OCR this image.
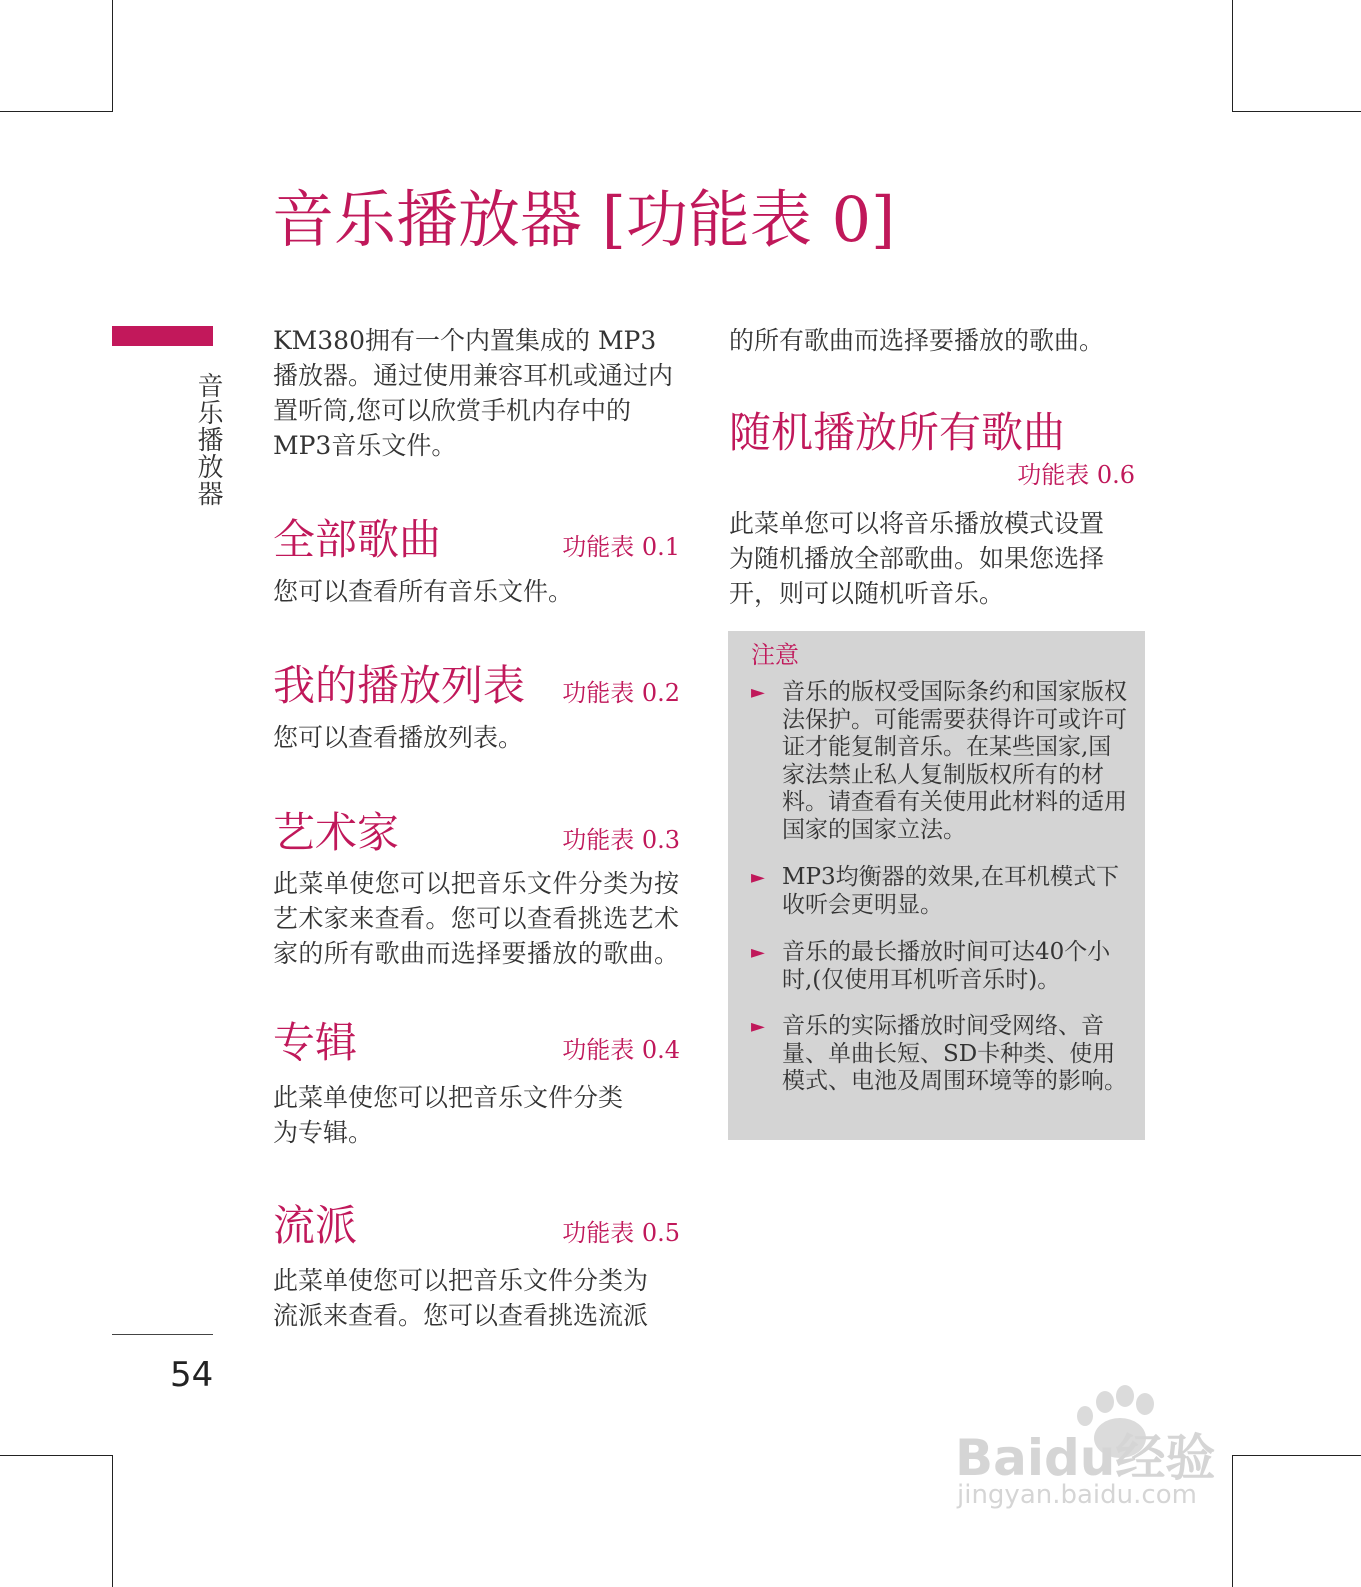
音乐播放器 [功能表 0]
音乐播放器
54
KM380拥有一个内置集成的 MP3 播放器。通过使用兼容耳机或通过内置听筒,您可以欣赏手机内存中的MP3音乐文件。
全部歌曲	功能表 0.1
您可以查看所有音乐文件。
我的播放列表	功能表 0.2
您可以查看播放列表。
艺术家	功能表 0.3
此菜单使您可以把音乐文件分类为按艺术家来查看。您可以查看挑选艺术家的所有歌曲而选择要播放的歌曲。
专辑	功能表 0.4
此菜单使您可以把音乐文件分类为专辑。
流派	功能表 0.5
此菜单使您可以把音乐文件分类为流派来查看。您可以查看挑选流派
的所有歌曲而选择要播放的歌曲。
随机播放所有歌曲
功能表 0.6
此菜单您可以将音乐播放模式设置为随机播放全部歌曲。如果您选择开，则可以随机听音乐。
注意
► 音乐的版权受国际条约和国家版权法保护。可能需要获得许可或许可证才能复制音乐。在某些国家,国家法禁止私人复制版权所有的材料。请查看有关使用此材料的适用国家的国家立法。
► MP3均衡器的效果,在耳机模式下收听会更明显。
► 音乐的最长播放时间可达40个小时,(仅使用耳机听音乐时)。
► 音乐的实际播放时间受网络、音量、单曲长短、SD卡种类、使用模式、电池及周围环境等的影响。
Baidu经验
jingyan.baidu.com
